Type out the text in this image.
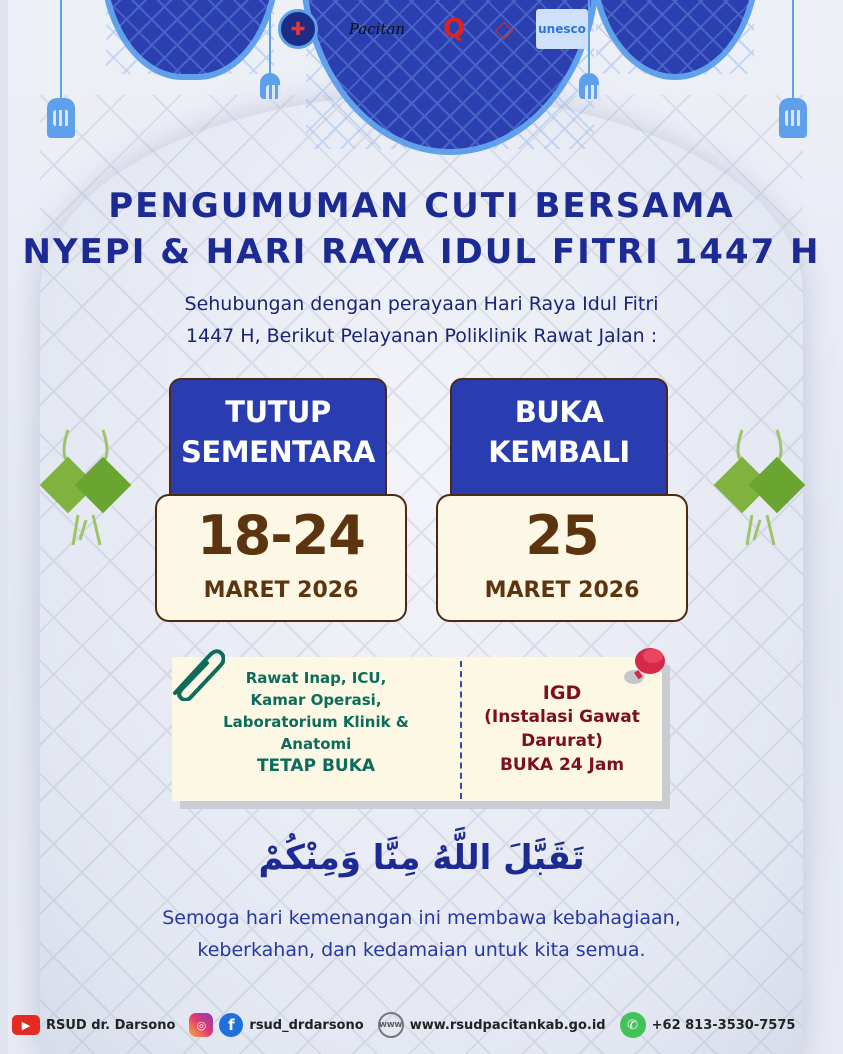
✚	Pacitan	Q	◇	unesco
PENGUMUMAN CUTI BERSAMA
NYEPI & HARI RAYA IDUL FITRI 1447 H
Sehubungan dengan perayaan Hari Raya Idul Fitri
1447 H, Berikut Pelayanan Poliklinik Rawat Jalan :
TUTUP
SEMENTARA
18-24
MARET 2026
BUKA
KEMBALI
25
MARET 2026
Rawat Inap, ICU,
Kamar Operasi,
Laboratorium Klinik &
Anatomi
TETAP BUKA
IGD
(Instalasi Gawat
Darurat)
BUKA 24 Jam
تَقَبَّلَ اللَّهُ مِنَّا وَمِنْكُمْ
Semoga hari kemenangan ini membawa kebahagiaan,
keberkahan, dan kedamaian untuk kita semua.
▶	RSUD dr. Darsono	◎	f	rsud_drdarsono WWW www.rsudpacitankab.go.id	✆	+62 813-3530-7575
